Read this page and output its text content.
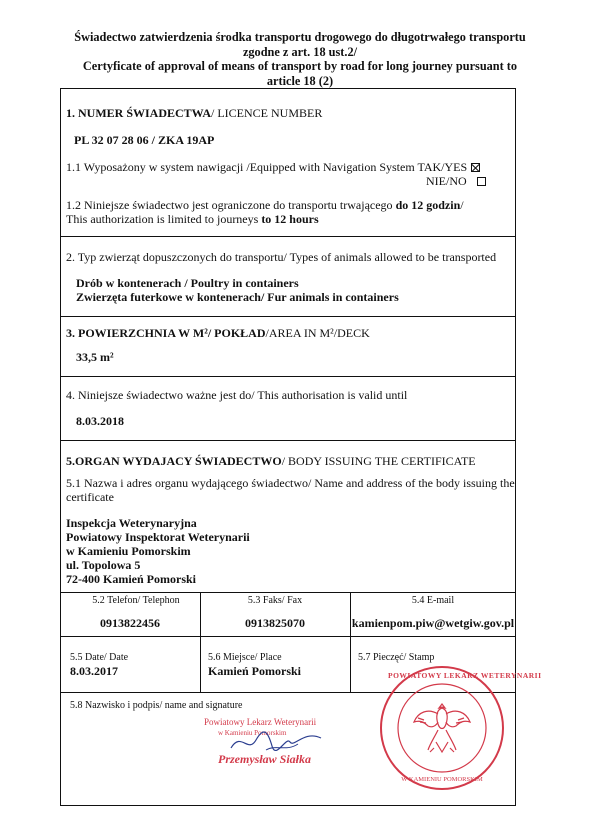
Świadectwo zatwierdzenia środka transportu drogowego do długotrwałego transportu
zgodne z art. 18 ust.2/
Certyficate of approval of means of transport by road for long journey pursuant to
article 18 (2)
1. NUMER ŚWIADECTWA/ LICENCE NUMBER
PL 32 07 28 06 / ZKA 19AP
1.1 Wyposażony w system nawigacji /Equipped with Navigation System TAK/YES
NIE/NO
1.2 Niniejsze świadectwo jest ograniczone do transportu trwającego do 12 godzin/
This authorization is limited to journeys to 12 hours
2. Typ zwierząt dopuszczonych do transportu/ Types of animals allowed to be transported
Drób w kontenerach / Poultry in containers
Zwierzęta futerkowe w kontenerach/ Fur animals in containers
3. POWIERZCHNIA W M²/ POKŁAD/AREA IN M²/DECK
33,5 m²
4. Niniejsze świadectwo ważne jest do/ This authorisation is valid until
8.03.2018
5.ORGAN WYDAJACY ŚWIADECTWO/ BODY ISSUING THE CERTIFICATE
5.1 Nazwa i adres organu wydającego świadectwo/ Name and address of the body issuing the
certificate
Inspekcja Weterynaryjna
Powiatowy Inspektorat Weterynarii
w Kamieniu Pomorskim
ul. Topolowa 5
72-400 Kamień Pomorski
5.2 Telefon/ Telephon
0913822456
5.3 Faks/ Fax
0913825070
5.4 E-mail
kamienpom.piw@wetgiw.gov.pl
5.5 Date/ Date
8.03.2017
5.6 Miejsce/ Place
Kamień Pomorski
5.7 Pieczęć/ Stamp
5.8 Nazwisko i podpis/ name and signature
Powiatowy Lekarz Weterynarii
w Kamieniu Pomorskim
Przemysław Siałka
POWIATOWY LEKARZ WETERYNARII
W KAMIENIU POMORSKIM
